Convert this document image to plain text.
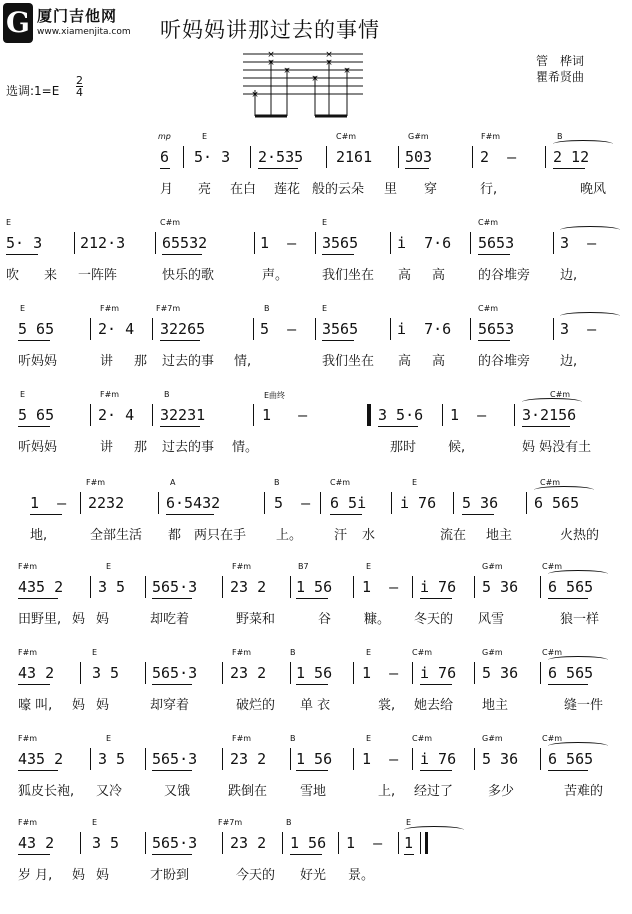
G 厦门吉他网
www.xiamenjita.com 听妈妈讲那过去的事情
管　桦词
瞿希贤曲
选调:1=E
2
4	×
×
×
×
×
×
×
×
mp	E	C#m	G#m	F#m	B
6 5· 3 2·535 2161 503	2  – 2 12
月 亮 在白 莲花 般的云朵 里 穿	行,	晚风
E	C#m	E	C#m
5· 3	212·3 65532	1  – 3565	i  7·6 5653	3  –
吹 来 一阵阵	快乐的歌	声。	我们坐在 高 高	的谷堆旁 边,
E	F#m	F#7m	B	E	C#m
5 65	2· 4 32265	5  – 3565	i  7·6 5653	3  –
听妈妈	讲 那 过去的事 情,	我们坐在 高 高	的谷堆旁 边,
E	F#m	B	E曲终	C#m
5 65	2· 4 32231	1   –	3 5·6 1  – 3·2156
听妈妈	讲 那 过去的事 情。	那时 候,	妈 妈没有土
F#m	A	B	C#m	E	C#m
1  – 2232	6·5432	5  – 6 5i i 76 5 36 6 565
地,	全部生活 都 两只在手 上。 汗 水	流在 地主	火热的
F#m	E	F#m	B7	E	G#m	C#m
435 2 3 5 565·3 23 2 1 56 1  – i 76 5 36 6 565
田野里, 妈 妈	却吃着	野菜和	谷	糠。 冬天的 风雪	狼一样
F#m	E	F#m	B	E	C#m	G#m	C#m
43 2	3 5 565·3 23 2 1 56 1  – i 76 5 36 6 565
嚎 叫, 妈 妈	却穿着	破烂的 单 衣	裳, 她去给 地主	缝一件
F#m	E	F#m	B	E	C#m	G#m	C#m
435 2 3 5 565·3 23 2 1 56 1  – i 76 5 36 6 565
狐皮长袍, 又冷	又饿	跌倒在	雪地	上, 经过了	多少	苦难的
F#m	E	F#7m	B	E
43 2	3 5 565·3 23 2 1 56 1  – 1
岁 月, 妈 妈	才盼到	今天的 好光 景。
